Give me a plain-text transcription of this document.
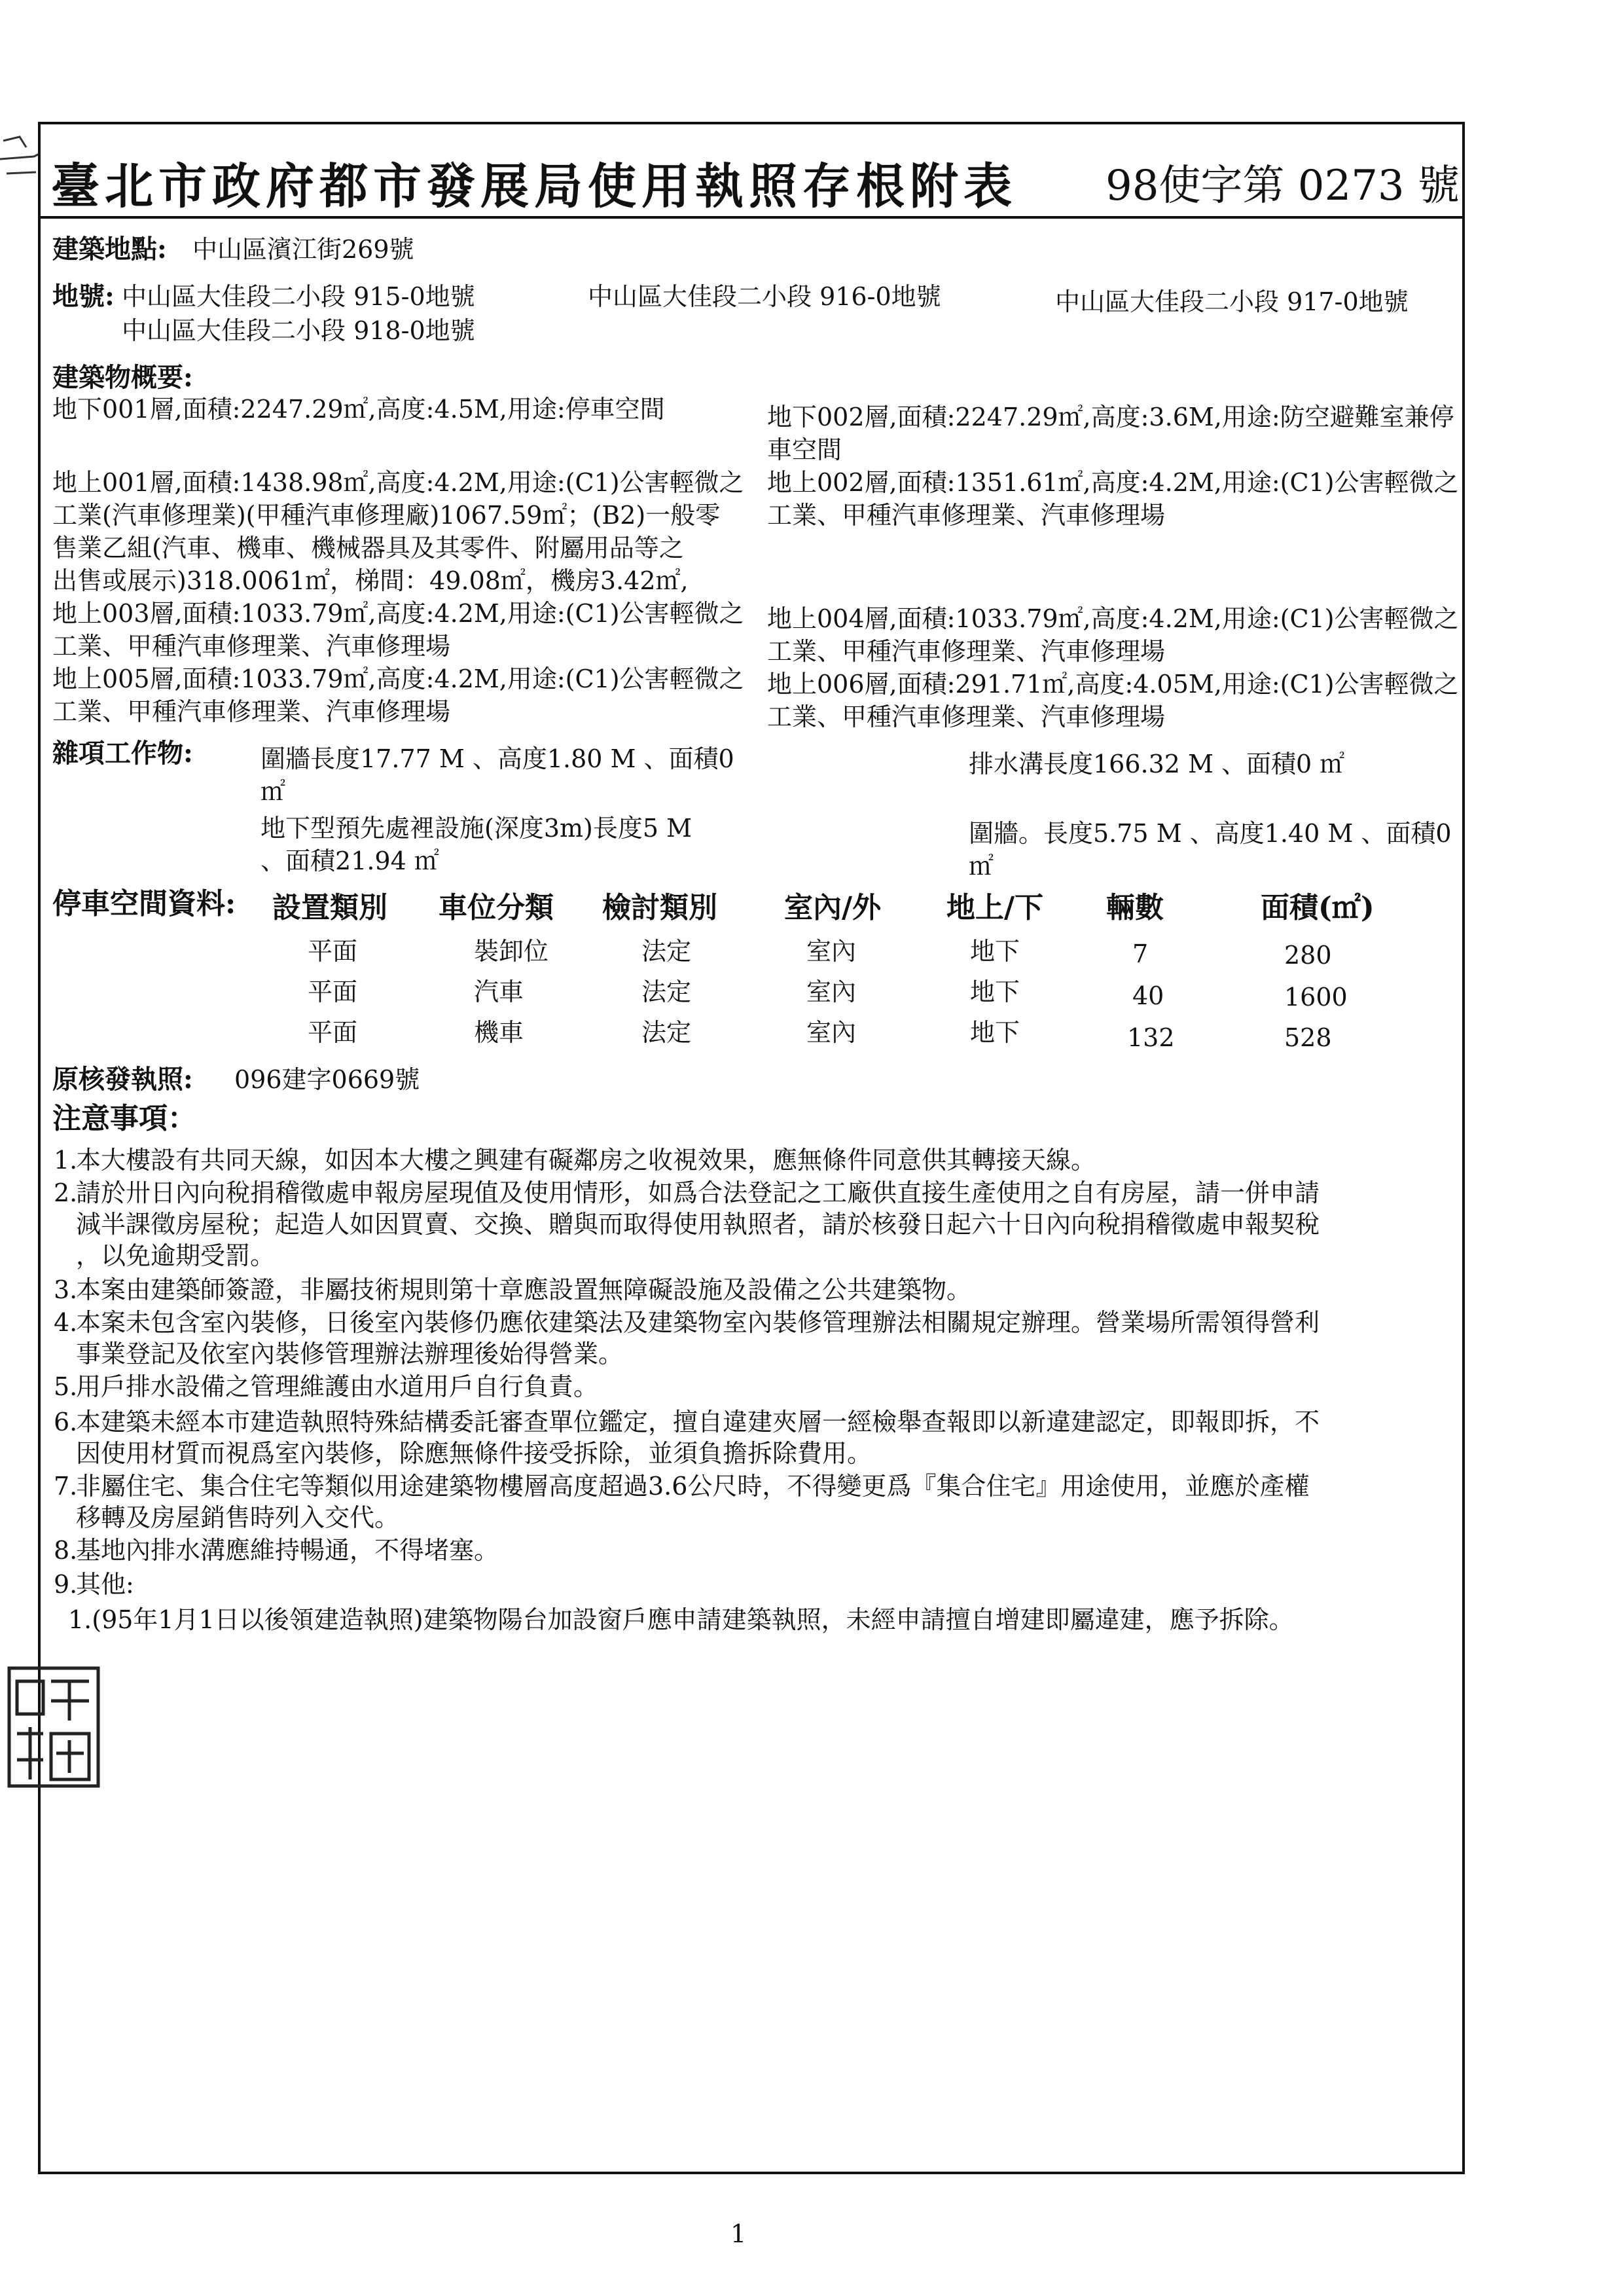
臺北市政府都市發展局使用執照存根附表 98使字第 0273 號
建築地點: 中山區濱江街269號
地號: 中山區大佳段二小段 915-0地號	中山區大佳段二小段 916-0地號	中山區大佳段二小段 917-0地號
中山區大佳段二小段 918-0地號
建築物概要:
地下001層,面積:2247.29㎡,高度:4.5M,用途:停車空間	地下002層,面積:2247.29㎡,高度:3.6M,用途:防空避難室兼停
車空間
地上001層,面積:1438.98㎡,高度:4.2M,用途:(C1)公害輕微之
工業(汽車修理業)(甲種汽車修理廠)1067.59㎡；(B2)一般零
售業乙組(汽車、機車、機械器具及其零件、附屬用品等之
出售或展示)318.0061㎡，梯間：49.08㎡，機房3.42㎡,
地上002層,面積:1351.61㎡,高度:4.2M,用途:(C1)公害輕微之
工業、甲種汽車修理業、汽車修理場
地上003層,面積:1033.79㎡,高度:4.2M,用途:(C1)公害輕微之
工業、甲種汽車修理業、汽車修理場
地上004層,面積:1033.79㎡,高度:4.2M,用途:(C1)公害輕微之
工業、甲種汽車修理業、汽車修理場
地上005層,面積:1033.79㎡,高度:4.2M,用途:(C1)公害輕微之
工業、甲種汽車修理業、汽車修理場
地上006層,面積:291.71㎡,高度:4.05M,用途:(C1)公害輕微之
工業、甲種汽車修理業、汽車修理場
雜項工作物:	圍牆長度17.77 M 、高度1.80 M 、面積0
㎡
排水溝長度166.32 M 、面積0 ㎡
地下型預先處裡設施(深度3m)長度5 M
、面積21.94 ㎡
圍牆。長度5.75 M 、高度1.40 M 、面積0
㎡
停車空間資料: 設置類別 車位分類 檢討類別 室內/外 地上/下 輛數	面積(㎡)
平面	裝卸位	法定	室內	地下	7	280
平面	汽車	法定	室內	地下	40	1600
平面	機車	法定	室內	地下	132	528
原核發執照: 096建字0669號
注意事項：
1.本大樓設有共同天線，如因本大樓之興建有礙鄰房之收視效果，應無條件同意供其轉接天線。
2.請於卅日內向稅捐稽徵處申報房屋現值及使用情形，如爲合法登記之工廠供直接生產使用之自有房屋，請一併申請
減半課徵房屋稅；起造人如因買賣、交換、贈與而取得使用執照者，請於核發日起六十日內向稅捐稽徵處申報契稅
，以免逾期受罰。
3.本案由建築師簽證，非屬技術規則第十章應設置無障礙設施及設備之公共建築物。
4.本案未包含室內裝修，日後室內裝修仍應依建築法及建築物室內裝修管理辦法相關規定辦理。營業場所需領得營利
事業登記及依室內裝修管理辦法辦理後始得營業。
5.用戶排水設備之管理維護由水道用戶自行負責。
6.本建築未經本市建造執照特殊結構委託審查單位鑑定，擅自違建夾層一經檢舉查報即以新違建認定，即報即拆，不
因使用材質而視爲室內裝修，除應無條件接受拆除，並須負擔拆除費用。
7.非屬住宅、集合住宅等類似用途建築物樓層高度超過3.6公尺時，不得變更爲『集合住宅』用途使用，並應於產權
移轉及房屋銷售時列入交代。
8.基地內排水溝應維持暢通，不得堵塞。
9.其他:
1.(95年1月1日以後領建造執照)建築物陽台加設窗戶應申請建築執照，未經申請擅自增建即屬違建，應予拆除。
1
